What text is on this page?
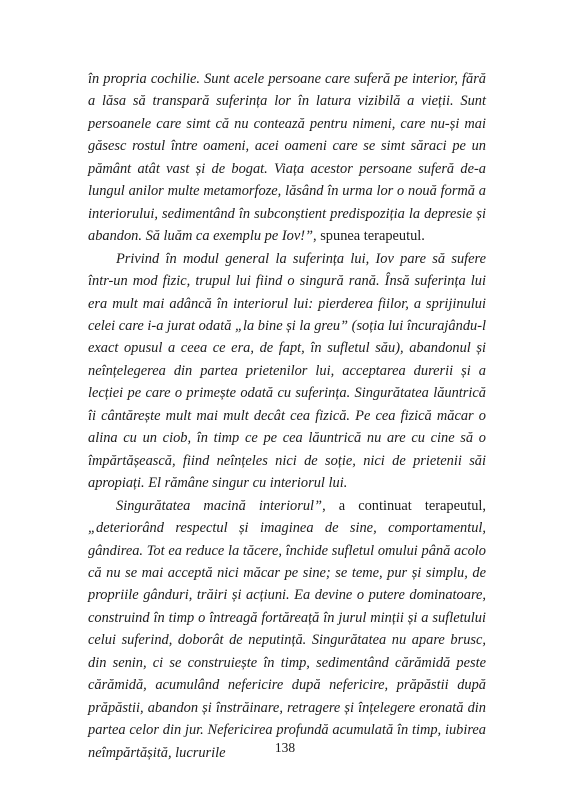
în propria cochilie. Sunt acele persoane care suferă pe interior, fără a lăsa să transpară suferința lor în latura vizibilă a vieții. Sunt persoanele care simt că nu contează pentru nimeni, care nu-și mai găsesc rostul între oameni, acei oameni care se simt săraci pe un pământ atât vast și de bogat. Viața acestor persoane suferă de-a lungul anilor multe metamorfoze, lăsând în urma lor o nouă formă a interiorului, sedimentând în subconștient predispoziția la depresie și abandon. Să luăm ca exemplu pe Iov!”, spunea terapeutul.

Privind în modul general la suferința lui, Iov pare să sufere într-un mod fizic, trupul lui fiind o singură rană. Însă suferința lui era mult mai adâncă în interiorul lui: pierderea fiilor, a sprijinului celei care i-a jurat odată „la bine și la greu” (soția lui încurajându-l exact opusul a ceea ce era, de fapt, în sufletul său), abandonul și neînțelegerea din partea prietenilor lui, acceptarea durerii și a lecției pe care o primește odată cu suferința. Singurătatea lăuntrică îi cântărește mult mai mult decât cea fizică. Pe cea fizică măcar o alina cu un ciob, în timp ce pe cea lăuntrică nu are cu cine să o împărtășească, fiind neînțeles nici de soție, nici de prietenii săi apropiați. El rămâne singur cu interiorul lui.

Singurătatea macină interiorul”, a continuat terapeutul, „deteriorând respectul și imaginea de sine, comportamentul, gândirea. Tot ea reduce la tăcere, închide sufletul omului până acolo că nu se mai acceptă nici măcar pe sine; se teme, pur și simplu, de propriile gânduri, trăiri și acțiuni. Ea devine o putere dominatoare, construind în timp o întreagă fortăreață în jurul minții și a sufletului celui suferind, doborât de neputință. Singurătatea nu apare brusc, din senin, ci se construiește în timp, sedimentând cărămidă peste cărămidă, acumulând nefericire după nefericire, prăpăstii după prăpăstii, abandon și înstrăinare, retragere și înțelegere eronată din partea celor din jur. Nefericirea profundă acumulată în timp, iubirea neîmpărtășită, lucrurile	138
